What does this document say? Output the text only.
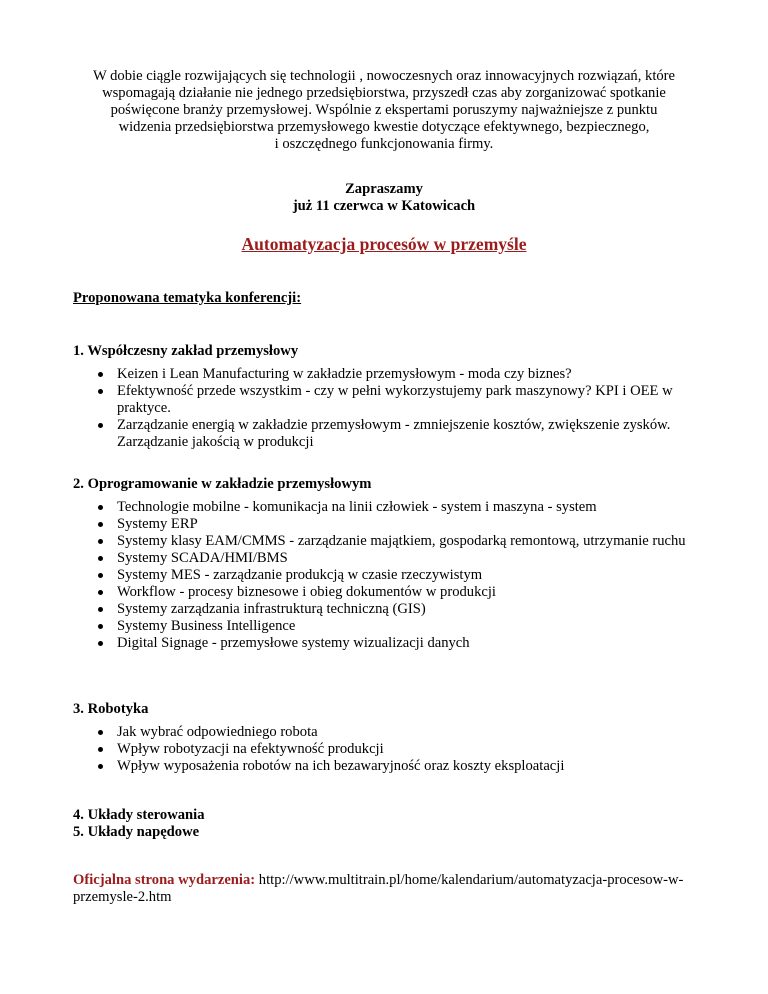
W dobie ciągle rozwijających się technologii , nowoczesnych oraz innowacyjnych rozwiązań, które
wspomagają działanie nie jednego przedsiębiorstwa, przyszedł czas aby zorganizować spotkanie
poświęcone branży przemysłowej. Wspólnie z ekspertami poruszymy najważniejsze z punktu
widzenia przedsiębiorstwa przemysłowego kwestie dotyczące efektywnego, bezpiecznego,
i oszczędnego funkcjonowania firmy.

Zapraszamy
już 11 czerwca w Katowicach
Automatyzacja procesów w przemyśle
Proponowana tematyka konferencji:
1. Współczesny zakład przemysłowy
Keizen i Lean Manufacturing w zakładzie przemysłowym - moda czy biznes?
Efektywność przede wszystkim - czy w pełni wykorzystujemy park maszynowy? KPI i OEE w praktyce.
Zarządzanie energią w zakładzie przemysłowym - zmniejszenie kosztów, zwiększenie zysków. Zarządzanie jakością w produkcji
2. Oprogramowanie w zakładzie przemysłowym
Technologie mobilne - komunikacja na linii człowiek - system i maszyna - system
Systemy ERP
Systemy klasy EAM/CMMS - zarządzanie majątkiem, gospodarką remontową, utrzymanie ruchu
Systemy SCADA/HMI/BMS
Systemy MES - zarządzanie produkcją w czasie rzeczywistym
Workflow - procesy biznesowe i obieg dokumentów w produkcji
Systemy zarządzania infrastrukturą techniczną (GIS)
Systemy Business Intelligence
Digital Signage - przemysłowe systemy wizualizacji danych
3. Robotyka
Jak wybrać odpowiedniego robota
Wpływ robotyzacji na efektywność produkcji
Wpływ wyposażenia robotów na ich bezawaryjność oraz koszty eksploatacji
4. Układy sterowania
5. Układy napędowe
Oficjalna strona wydarzenia: http://www.multitrain.pl/home/kalendarium/automatyzacja-procesow-w-przemysle-2.htm
